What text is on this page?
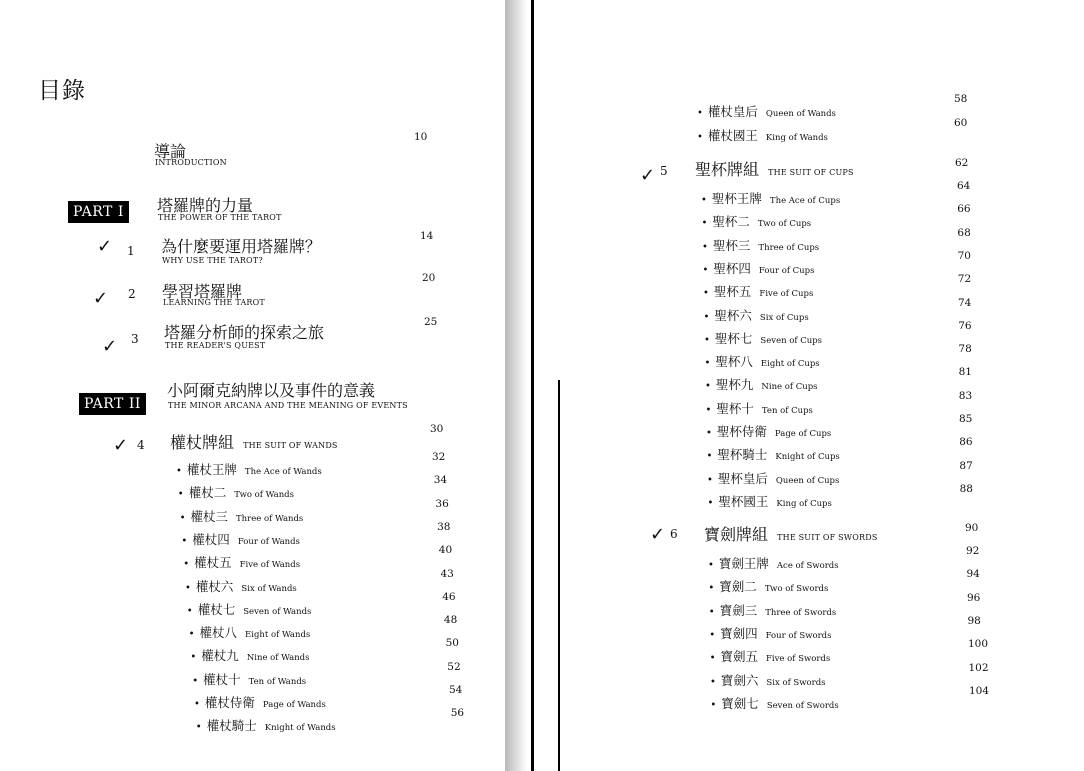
目錄
導論
INTRODUCTION
10
PART I	塔羅牌的力量
THE POWER OF THE TAROT
✓ 1 為什麼要運用塔羅牌？
WHY USE THE TAROT?
14
✓ 2 學習塔羅牌
LEARNING THE TAROT
20
✓ 3 塔羅分析師的探索之旅
THE READER'S QUEST
25
PART II
小阿爾克納牌以及事件的意義
THE MINOR ARCANA AND THE MEANING OF EVENTS
✓ 4 權杖牌組 THE SUIT OF WANDS
30
• 權杖王牌 The Ace of Wands
32
• 權杖二 Two of Wands
34
• 權杖三 Three of Wands
36
• 權杖四 Four of Wands
38
• 權杖五 Five of Wands
40
• 權杖六 Six of Wands
43
• 權杖七 Seven of Wands
46
• 權杖八 Eight of Wands
48
• 權杖九 Nine of Wands
50
• 權杖十 Ten of Wands
52
• 權杖侍衛 Page of Wands
54
• 權杖騎士 Knight of Wands
56
• 權杖皇后 Queen of Wands
58
• 權杖國王 King of Wands
60
✓ 5 聖杯牌組 THE SUIT OF CUPS
62
• 聖杯王牌 The Ace of Cups
64
• 聖杯二 Two of Cups
66
• 聖杯三 Three of Cups
68
• 聖杯四 Four of Cups
70
• 聖杯五 Five of Cups
72
• 聖杯六 Six of Cups
74
• 聖杯七 Seven of Cups
76
• 聖杯八 Eight of Cups
78
• 聖杯九 Nine of Cups
81
• 聖杯十 Ten of Cups
83
• 聖杯侍衛 Page of Cups
85
• 聖杯騎士 Knight of Cups
86
• 聖杯皇后 Queen of Cups
87
• 聖杯國王 King of Cups
88
✓ 6 寶劍牌組 THE SUIT OF SWORDS
90
• 寶劍王牌 Ace of Swords
92
• 寶劍二 Two of Swords
94
• 寶劍三 Three of Swords
96
• 寶劍四 Four of Swords
98
• 寶劍五 Five of Swords
100
• 寶劍六 Six of Swords
102
• 寶劍七 Seven of Swords
104
